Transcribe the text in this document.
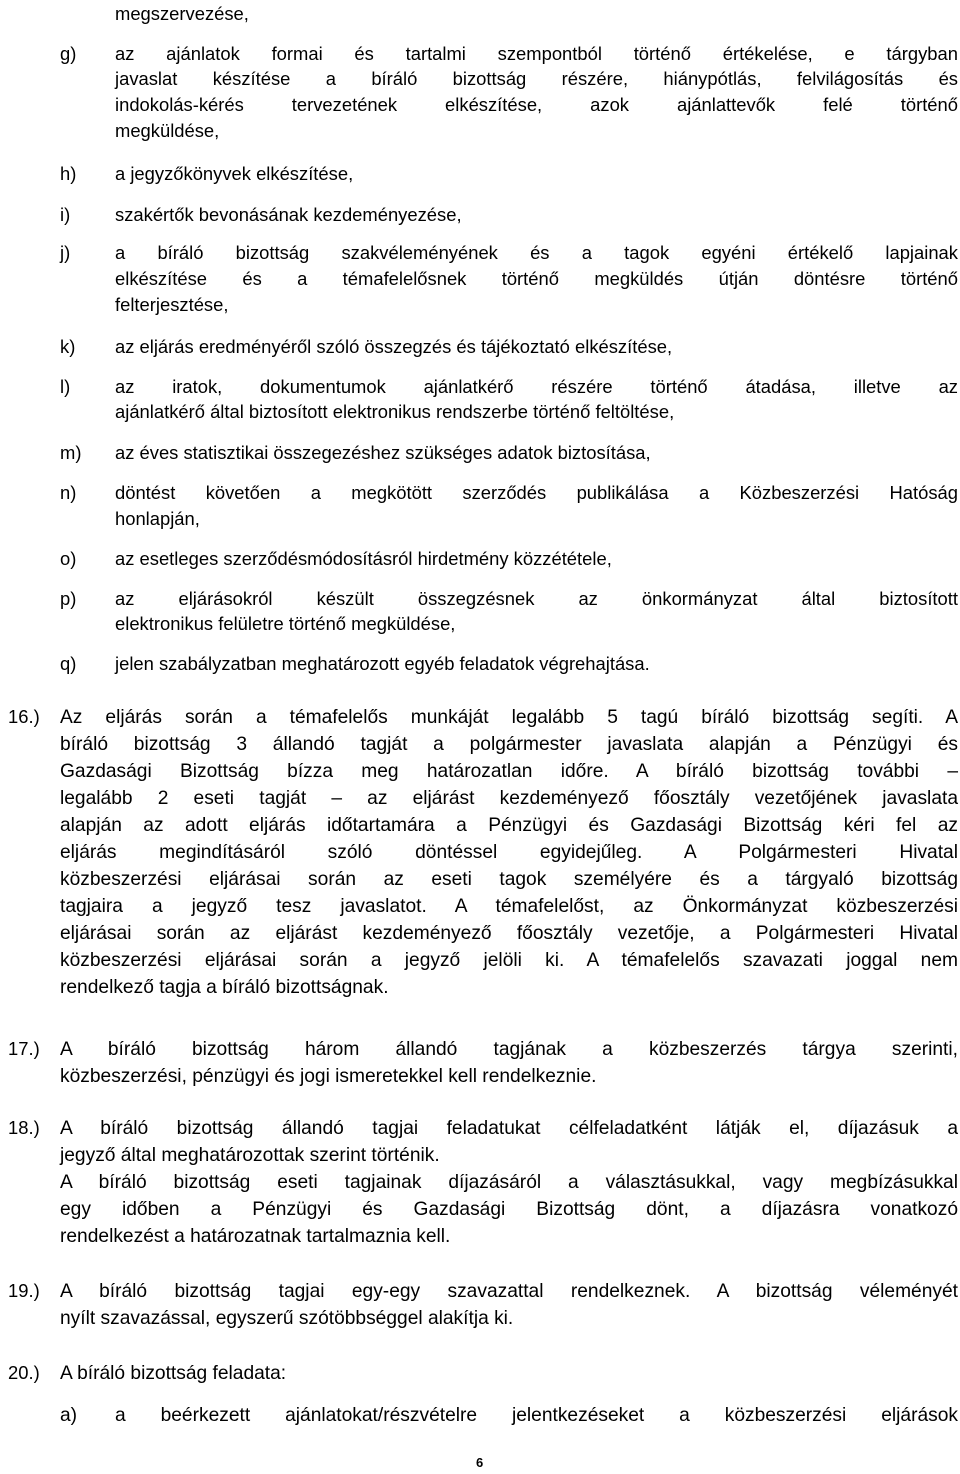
megszervezése,
g) az ajánlatok formai és tartalmi szempontból történő értékelése, e tárgyban
javaslat készítése a bíráló bizottság részére, hiánypótlás, felvilágosítás és
indokolás-kérés tervezetének elkészítése, azok ajánlattevők felé történő
megküldése,
h) a jegyzőkönyvek elkészítése,
i) szakértők bevonásának kezdeményezése,
j) a bíráló bizottság szakvéleményének és a tagok egyéni értékelő lapjainak
elkészítése és a témafelelősnek történő megküldés útján döntésre történő
felterjesztése,
k) az eljárás eredményéről szóló összegzés és tájékoztató elkészítése,
l) az iratok, dokumentumok ajánlatkérő részére történő átadása, illetve az
ajánlatkérő által biztosított elektronikus rendszerbe történő feltöltése,
m) az éves statisztikai összegezéshez szükséges adatok biztosítása,
n) döntést követően a megkötött szerződés publikálása a Közbeszerzési Hatóság
honlapján,
o) az esetleges szerződésmódosításról hirdetmény közzététele,
p) az eljárásokról készült összegzésnek az önkormányzat által biztosított
elektronikus felületre történő megküldése,
q) jelen szabályzatban meghatározott egyéb feladatok végrehajtása.
16.) Az eljárás során a témafelelős munkáját legalább 5 tagú bíráló bizottság segíti. A
bíráló bizottság 3 állandó tagját a polgármester javaslata alapján a Pénzügyi és
Gazdasági Bizottság bízza meg határozatlan időre. A bíráló bizottság további –
legalább 2 eseti tagját – az eljárást kezdeményező főosztály vezetőjének javaslata
alapján az adott eljárás időtartamára a Pénzügyi és Gazdasági Bizottság kéri fel az
eljárás megindításáról szóló döntéssel egyidejűleg. A Polgármesteri Hivatal
közbeszerzési eljárásai során az eseti tagok személyére és a tárgyaló bizottság
tagjaira a jegyző tesz javaslatot. A témafelelőst, az Önkormányzat közbeszerzési
eljárásai során az eljárást kezdeményező főosztály vezetője, a Polgármesteri Hivatal
közbeszerzési eljárásai során a jegyző jelöli ki. A témafelelős szavazati joggal nem
rendelkező tagja a bíráló bizottságnak.
17.) A bíráló bizottság három állandó tagjának a közbeszerzés tárgya szerinti,
közbeszerzési, pénzügyi és jogi ismeretekkel kell rendelkeznie.
18.) A bíráló bizottság állandó tagjai feladatukat célfeladatként látják el, díjazásuk a
jegyző által meghatározottak szerint történik.
A bíráló bizottság eseti tagjainak díjazásáról a választásukkal, vagy megbízásukkal
egy időben a Pénzügyi és Gazdasági Bizottság dönt, a díjazásra vonatkozó
rendelkezést a határozatnak tartalmaznia kell.
19.) A bíráló bizottság tagjai egy-egy szavazattal rendelkeznek. A bizottság véleményét
nyílt szavazással, egyszerű szótöbbséggel alakítja ki.
20.) A bíráló bizottság feladata:
a) a beérkezett ajánlatokat/részvételre jelentkezéseket a közbeszerzési eljárások
6
